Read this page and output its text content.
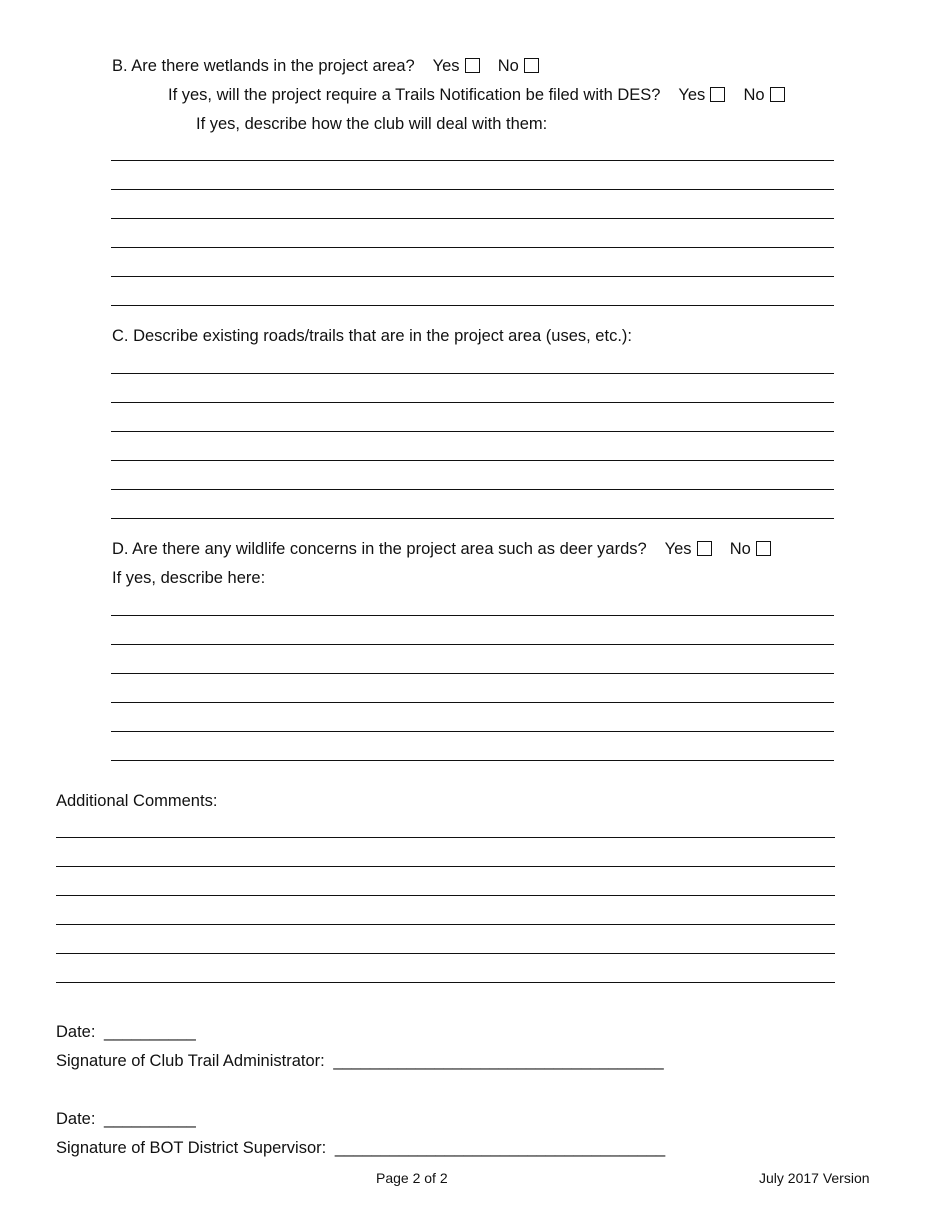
B. Are there wetlands in the project area? Yes No
If yes, will the project require a Trails Notification be filed with DES? Yes No
If yes, describe how the club will deal with them:
C. Describe existing roads/trails that are in the project area (uses, etc.):
D. Are there any wildlife concerns in the project area such as deer yards? Yes No
If yes, describe here:
Additional Comments:
Date: __________
Signature of Club Trail Administrator: ____________________________________
Date: __________
Signature of BOT District Supervisor: ____________________________________
Page 2 of 2	July 2017 Version
